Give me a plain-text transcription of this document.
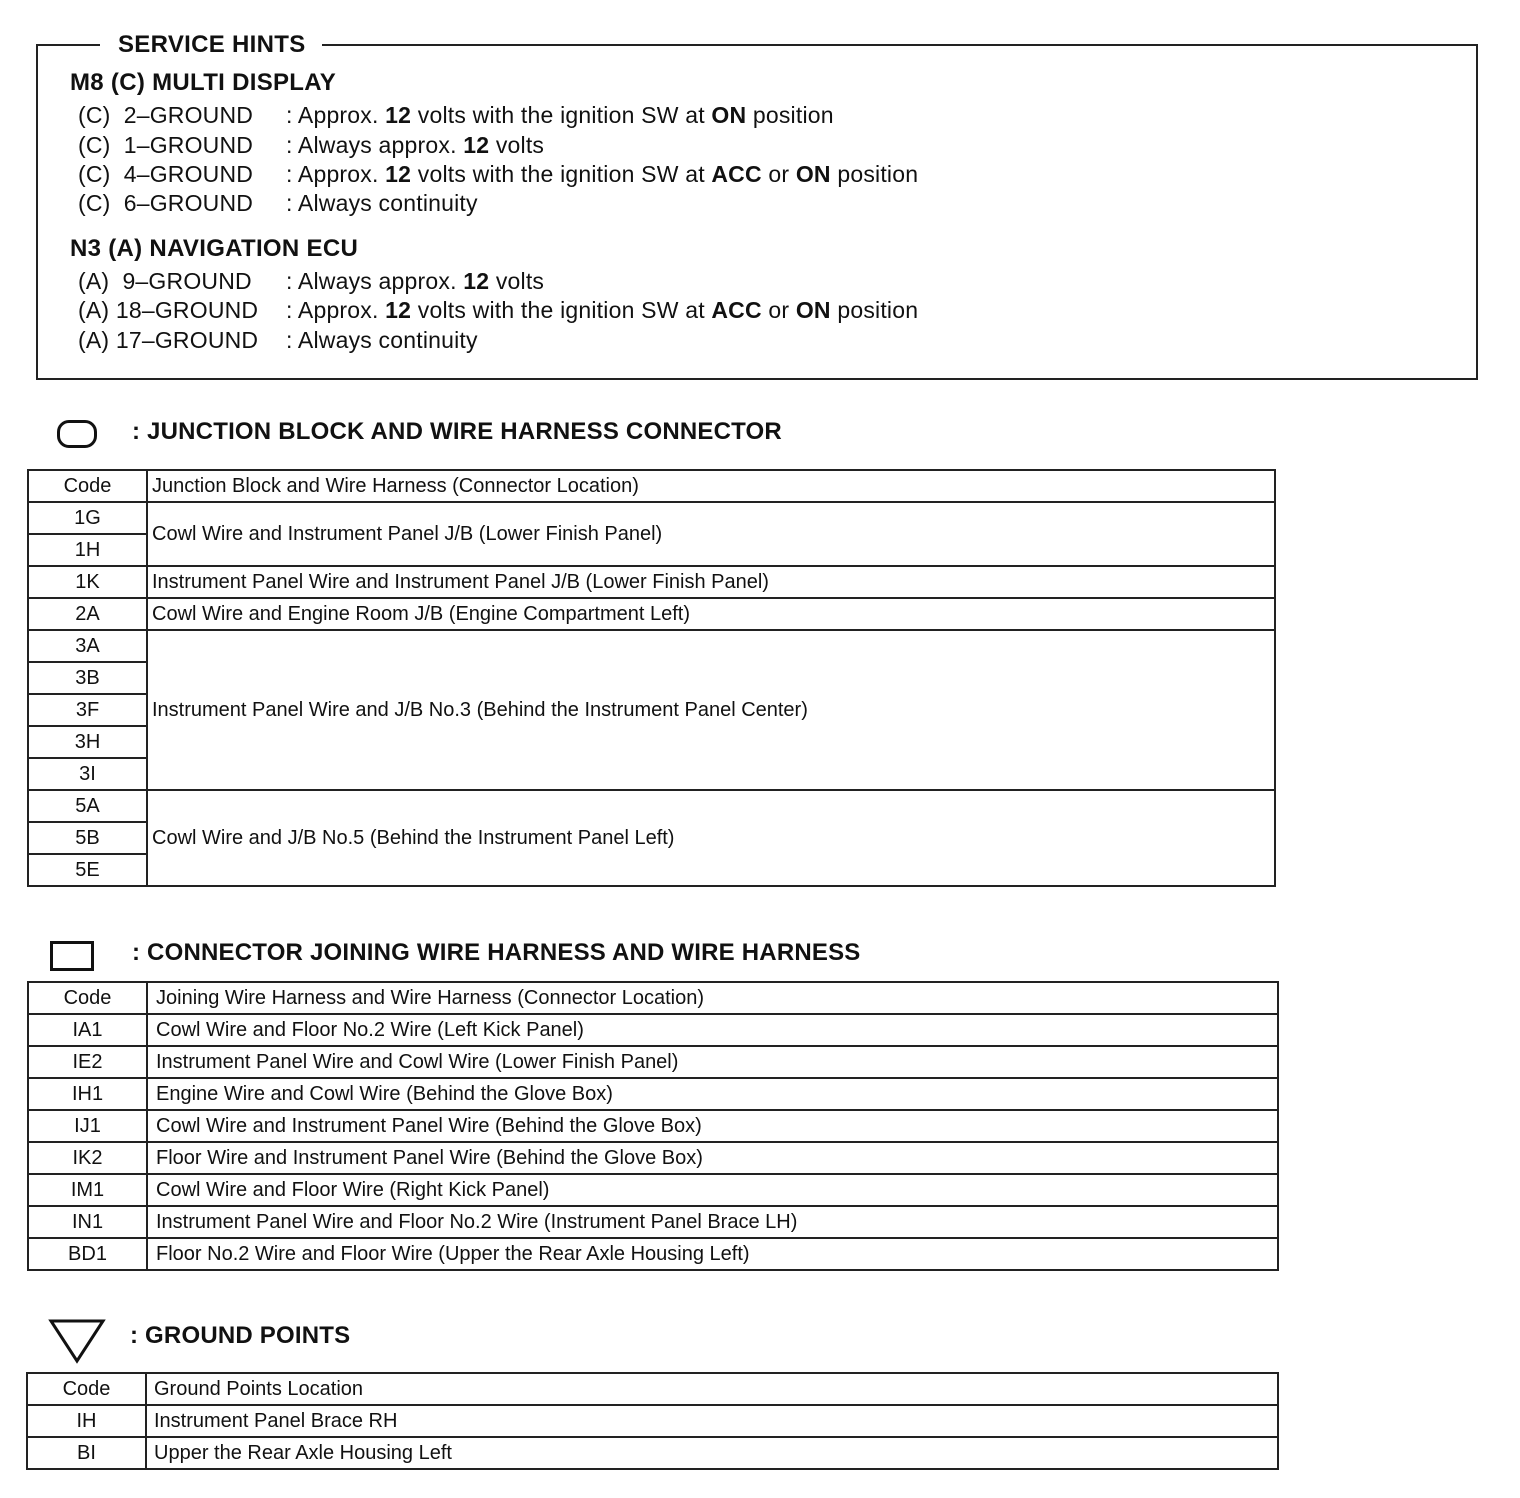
SERVICE HINTS
M8 (C) MULTI DISPLAY
(C)  2–GROUND : Approx. 12 volts with the ignition SW at ON position
(C)  1–GROUND : Always approx. 12 volts
(C)  4–GROUND : Approx. 12 volts with the ignition SW at ACC or ON position
(C)  6–GROUND : Always continuity
N3 (A) NAVIGATION ECU
(A)  9–GROUND : Always approx. 12 volts
(A) 18–GROUND : Approx. 12 volts with the ignition SW at ACC or ON position
(A) 17–GROUND : Always continuity
: JUNCTION BLOCK AND WIRE HARNESS CONNECTOR
Code	Junction Block and Wire Harness (Connector Location)
1G	Cowl Wire and Instrument Panel J/B (Lower Finish Panel)
1H	
1K	Instrument Panel Wire and Instrument Panel J/B (Lower Finish Panel)
2A	Cowl Wire and Engine Room J/B (Engine Compartment Left)
3A	Instrument Panel Wire and J/B No.3 (Behind the Instrument Panel Center)
3B	
3F	
3H	
3I	
5A	Cowl Wire and J/B No.5 (Behind the Instrument Panel Left)
5B	
5E	
: CONNECTOR JOINING WIRE HARNESS AND WIRE HARNESS
Code	Joining Wire Harness and Wire Harness (Connector Location)
IA1	Cowl Wire and Floor No.2 Wire (Left Kick Panel)
IE2	Instrument Panel Wire and Cowl Wire (Lower Finish Panel)
IH1	Engine Wire and Cowl Wire (Behind the Glove Box)
IJ1	Cowl Wire and Instrument Panel Wire (Behind the Glove Box)
IK2	Floor Wire and Instrument Panel Wire (Behind the Glove Box)
IM1	Cowl Wire and Floor Wire (Right Kick Panel)
IN1	Instrument Panel Wire and Floor No.2 Wire (Instrument Panel Brace LH)
BD1	Floor No.2 Wire and Floor Wire (Upper the Rear Axle Housing Left)
: GROUND POINTS
Code	Ground Points Location
IH	Instrument Panel Brace RH
BI	Upper the Rear Axle Housing Left
